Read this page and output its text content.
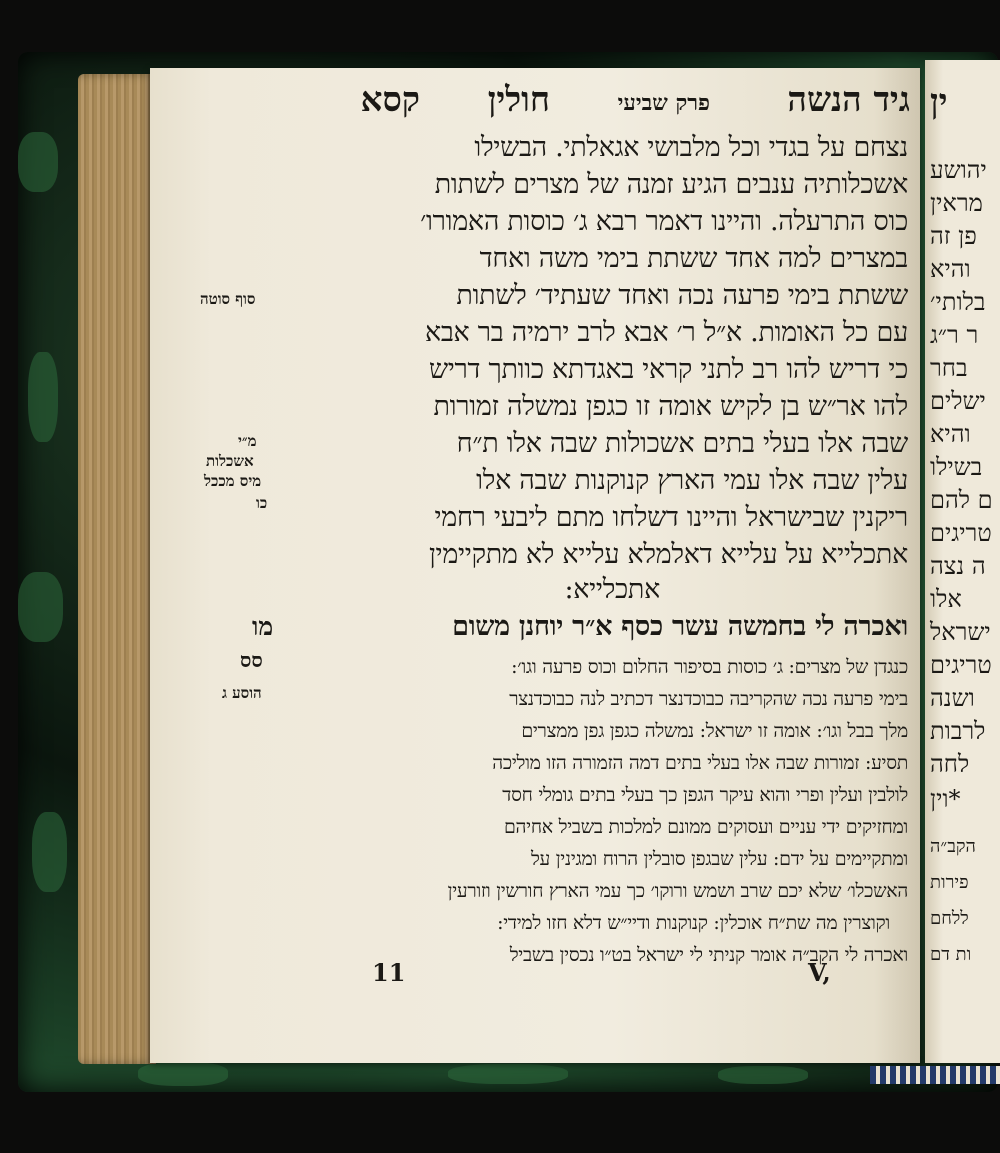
גיד הנשה
פרק שביעי
חולין
קסא
נצחם על בגדי וכל מלבושי אגאלתי. הבשילו
אשכלותיה ענבים הגיע זמנה של מצרים לשתות
כוס התרעלה. והיינו דאמר רבא ג׳ כוסות האמורו׳
במצרים למה אחד ששתת בימי משה ואחד
ששתת בימי פרעה נכה ואחד שעתיד׳ לשתות
עם כל האומות. א״ל ר׳ אבא לרב ירמיה בר אבא
כי דריש להו רב לתני קראי באגדתא כוותך דריש
להו אר״ש בן לקיש אומה זו כגפן נמשלה זמורות
שבה אלו בעלי בתים אשכולות שבה אלו ת״ח
עלין שבה אלו עמי הארץ קנוקנות שבה אלו
ריקנין שבישראל והיינו דשלחו מתם ליבעי רחמי
אתכלייא על עלייא דאלמלא עלייא לא מתקיימין
אתכלייא:
ואכרה לי בחמשה עשר כסף א״ר יוחנן משום
כנגדן של מצרים: ג׳ כוסות בסיפור החלום וכוס פרעה וגו׳:
בימי פרעה נכה שהקריבה כבוכדנצר דכתיב לנה כבוכדנצר
מלך בבל וגו׳: אומה זו ישראל: נמשלה כגפן גפן ממצרים
תסיע: זמורות שבה אלו בעלי בתים דמה הזמורה הזו מוליכה
לולבין ועלין ופרי והוא עיקר הגפן כך בעלי בתים גומלי חסד
ומחזיקים ידי עניים ועסוקים ממונם למלכות בשביל אחיהם
ומתקיימים על ידם: עלין שבגפן סובלין הרוח ומגינין על
האשכלו׳ שלא יכם שרב ושמש ורוקו׳ כך עמי הארץ חורשין וזורעין
וקוצרין מה שת״ח אוכלין: קנוקנות ודיי״ש דלא חזו למידי:
ואכרה לי הקב״ה אומר קניתי לי ישראל בט״ו נכסין בשביל
סוף סוטה
מ״י
אשכלות
מיס מככל
כו
מו
סס
הוסע ג
11	V,
ין
יהושע
מראין
פן זה
והיא
בלותי׳
ר ר״ג
בחר
ישלים
והיא
בשילו
ם להם
טריגים
ה נצה
אלו
ישראל
טריגים
ושנה
לרבות
לחה
*וין
הקב״ה
פירות
ללחם
ות דם
